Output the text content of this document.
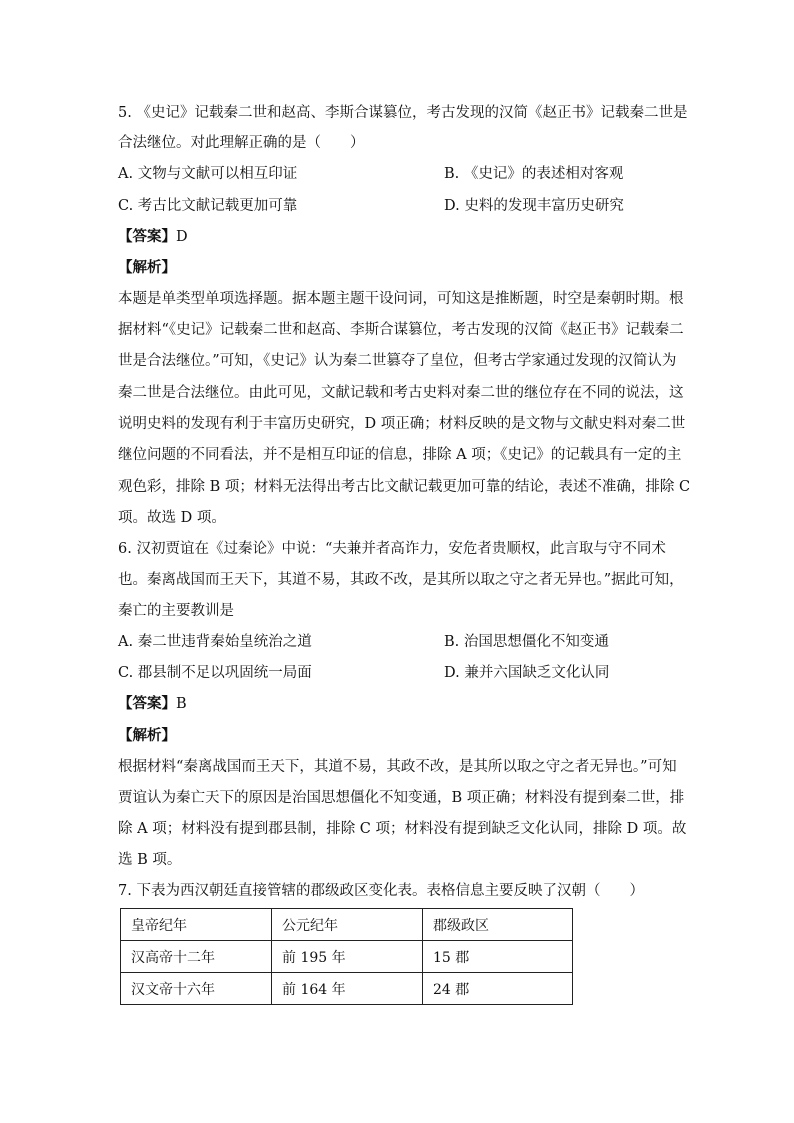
5. 《史记》记载秦二世和赵高、李斯合谋篡位，考古发现的汉简《赵正书》记载秦二世是
合法继位。对此理解正确的是（　　）
A. 文物与文献可以相互印证	B. 《史记》的表述相对客观
C. 考古比文献记载更加可靠	D. 史料的发现丰富历史研究
【答案】D
【解析】
本题是单类型单项选择题。据本题主题干设问词，可知这是推断题，时空是秦朝时期。根
据材料“《史记》记载秦二世和赵高、李斯合谋篡位，考古发现的汉简《赵正书》记载秦二
世是合法继位。”可知，《史记》认为秦二世篡夺了皇位，但考古学家通过发现的汉简认为
秦二世是合法继位。由此可见，文献记载和考古史料对秦二世的继位存在不同的说法，这
说明史料的发现有利于丰富历史研究，D 项正确；材料反映的是文物与文献史料对秦二世
继位问题的不同看法，并不是相互印证的信息，排除 A 项；《史记》的记载具有一定的主
观色彩，排除 B 项；材料无法得出考古比文献记载更加可靠的结论，表述不准确，排除 C
项。故选 D 项。
6. 汉初贾谊在《过秦论》中说：“夫兼并者高诈力，安危者贵顺权，此言取与守不同术
也。秦离战国而王天下，其道不易，其政不改，是其所以取之守之者无异也。”据此可知，
秦亡的主要教训是
A. 秦二世违背秦始皇统治之道	B. 治国思想僵化不知变通
C. 郡县制不足以巩固统一局面	D. 兼并六国缺乏文化认同
【答案】B
【解析】
根据材料“秦离战国而王天下，其道不易，其政不改，是其所以取之守之者无异也。”可知
贾谊认为秦亡天下的原因是治国思想僵化不知变通，B 项正确；材料没有提到秦二世，排
除 A 项；材料没有提到郡县制，排除 C 项；材料没有提到缺乏文化认同，排除 D 项。故
选 B 项。
7. 下表为西汉朝廷直接管辖的郡级政区变化表。表格信息主要反映了汉朝（　　）
皇帝纪年	公元纪年	郡级政区
汉高帝十二年	前 195 年	15 郡
汉文帝十六年	前 164 年	24 郡
